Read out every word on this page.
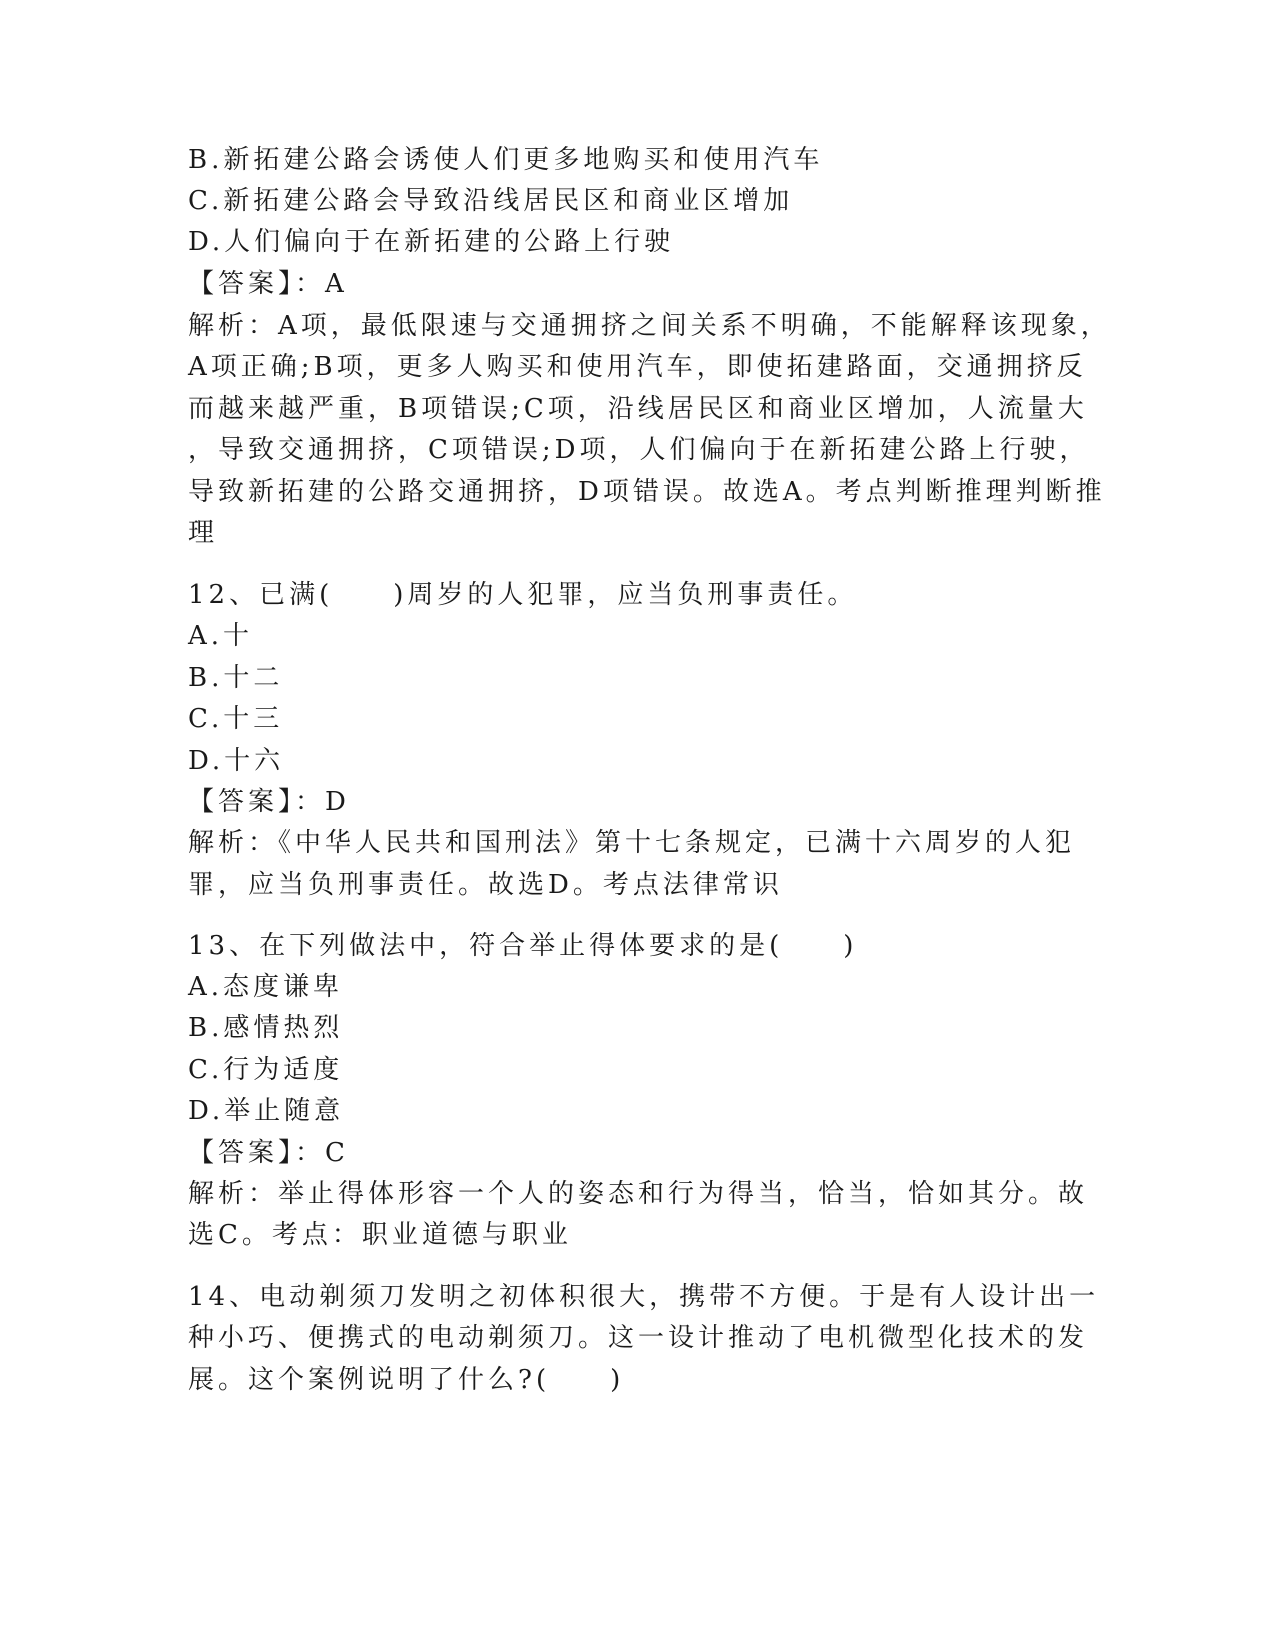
B.新拓建公路会诱使人们更多地购买和使用汽车
C.新拓建公路会导致沿线居民区和商业区增加
D.人们偏向于在新拓建的公路上行驶
【答案】：A
解析：A项，最低限速与交通拥挤之间关系不明确，不能解释该现象，
A项正确;B项，更多人购买和使用汽车，即使拓建路面，交通拥挤反
而越来越严重，B项错误;C项，沿线居民区和商业区增加，人流量大
，导致交通拥挤，C项错误;D项，人们偏向于在新拓建公路上行驶，
导致新拓建的公路交通拥挤，D项错误。故选A。考点判断推理判断推
理
12、已满(　　)周岁的人犯罪，应当负刑事责任。
A.十
B.十二
C.十三
D.十六
【答案】：D
解析：《中华人民共和国刑法》第十七条规定，已满十六周岁的人犯
罪，应当负刑事责任。故选D。考点法律常识
13、在下列做法中，符合举止得体要求的是(　　)
A.态度谦卑
B.感情热烈
C.行为适度
D.举止随意
【答案】：C
解析：举止得体形容一个人的姿态和行为得当，恰当，恰如其分。故
选C。考点：职业道德与职业
14、电动剃须刀发明之初体积很大，携带不方便。于是有人设计出一
种小巧、便携式的电动剃须刀。这一设计推动了电机微型化技术的发
展。这个案例说明了什么?(　　)
